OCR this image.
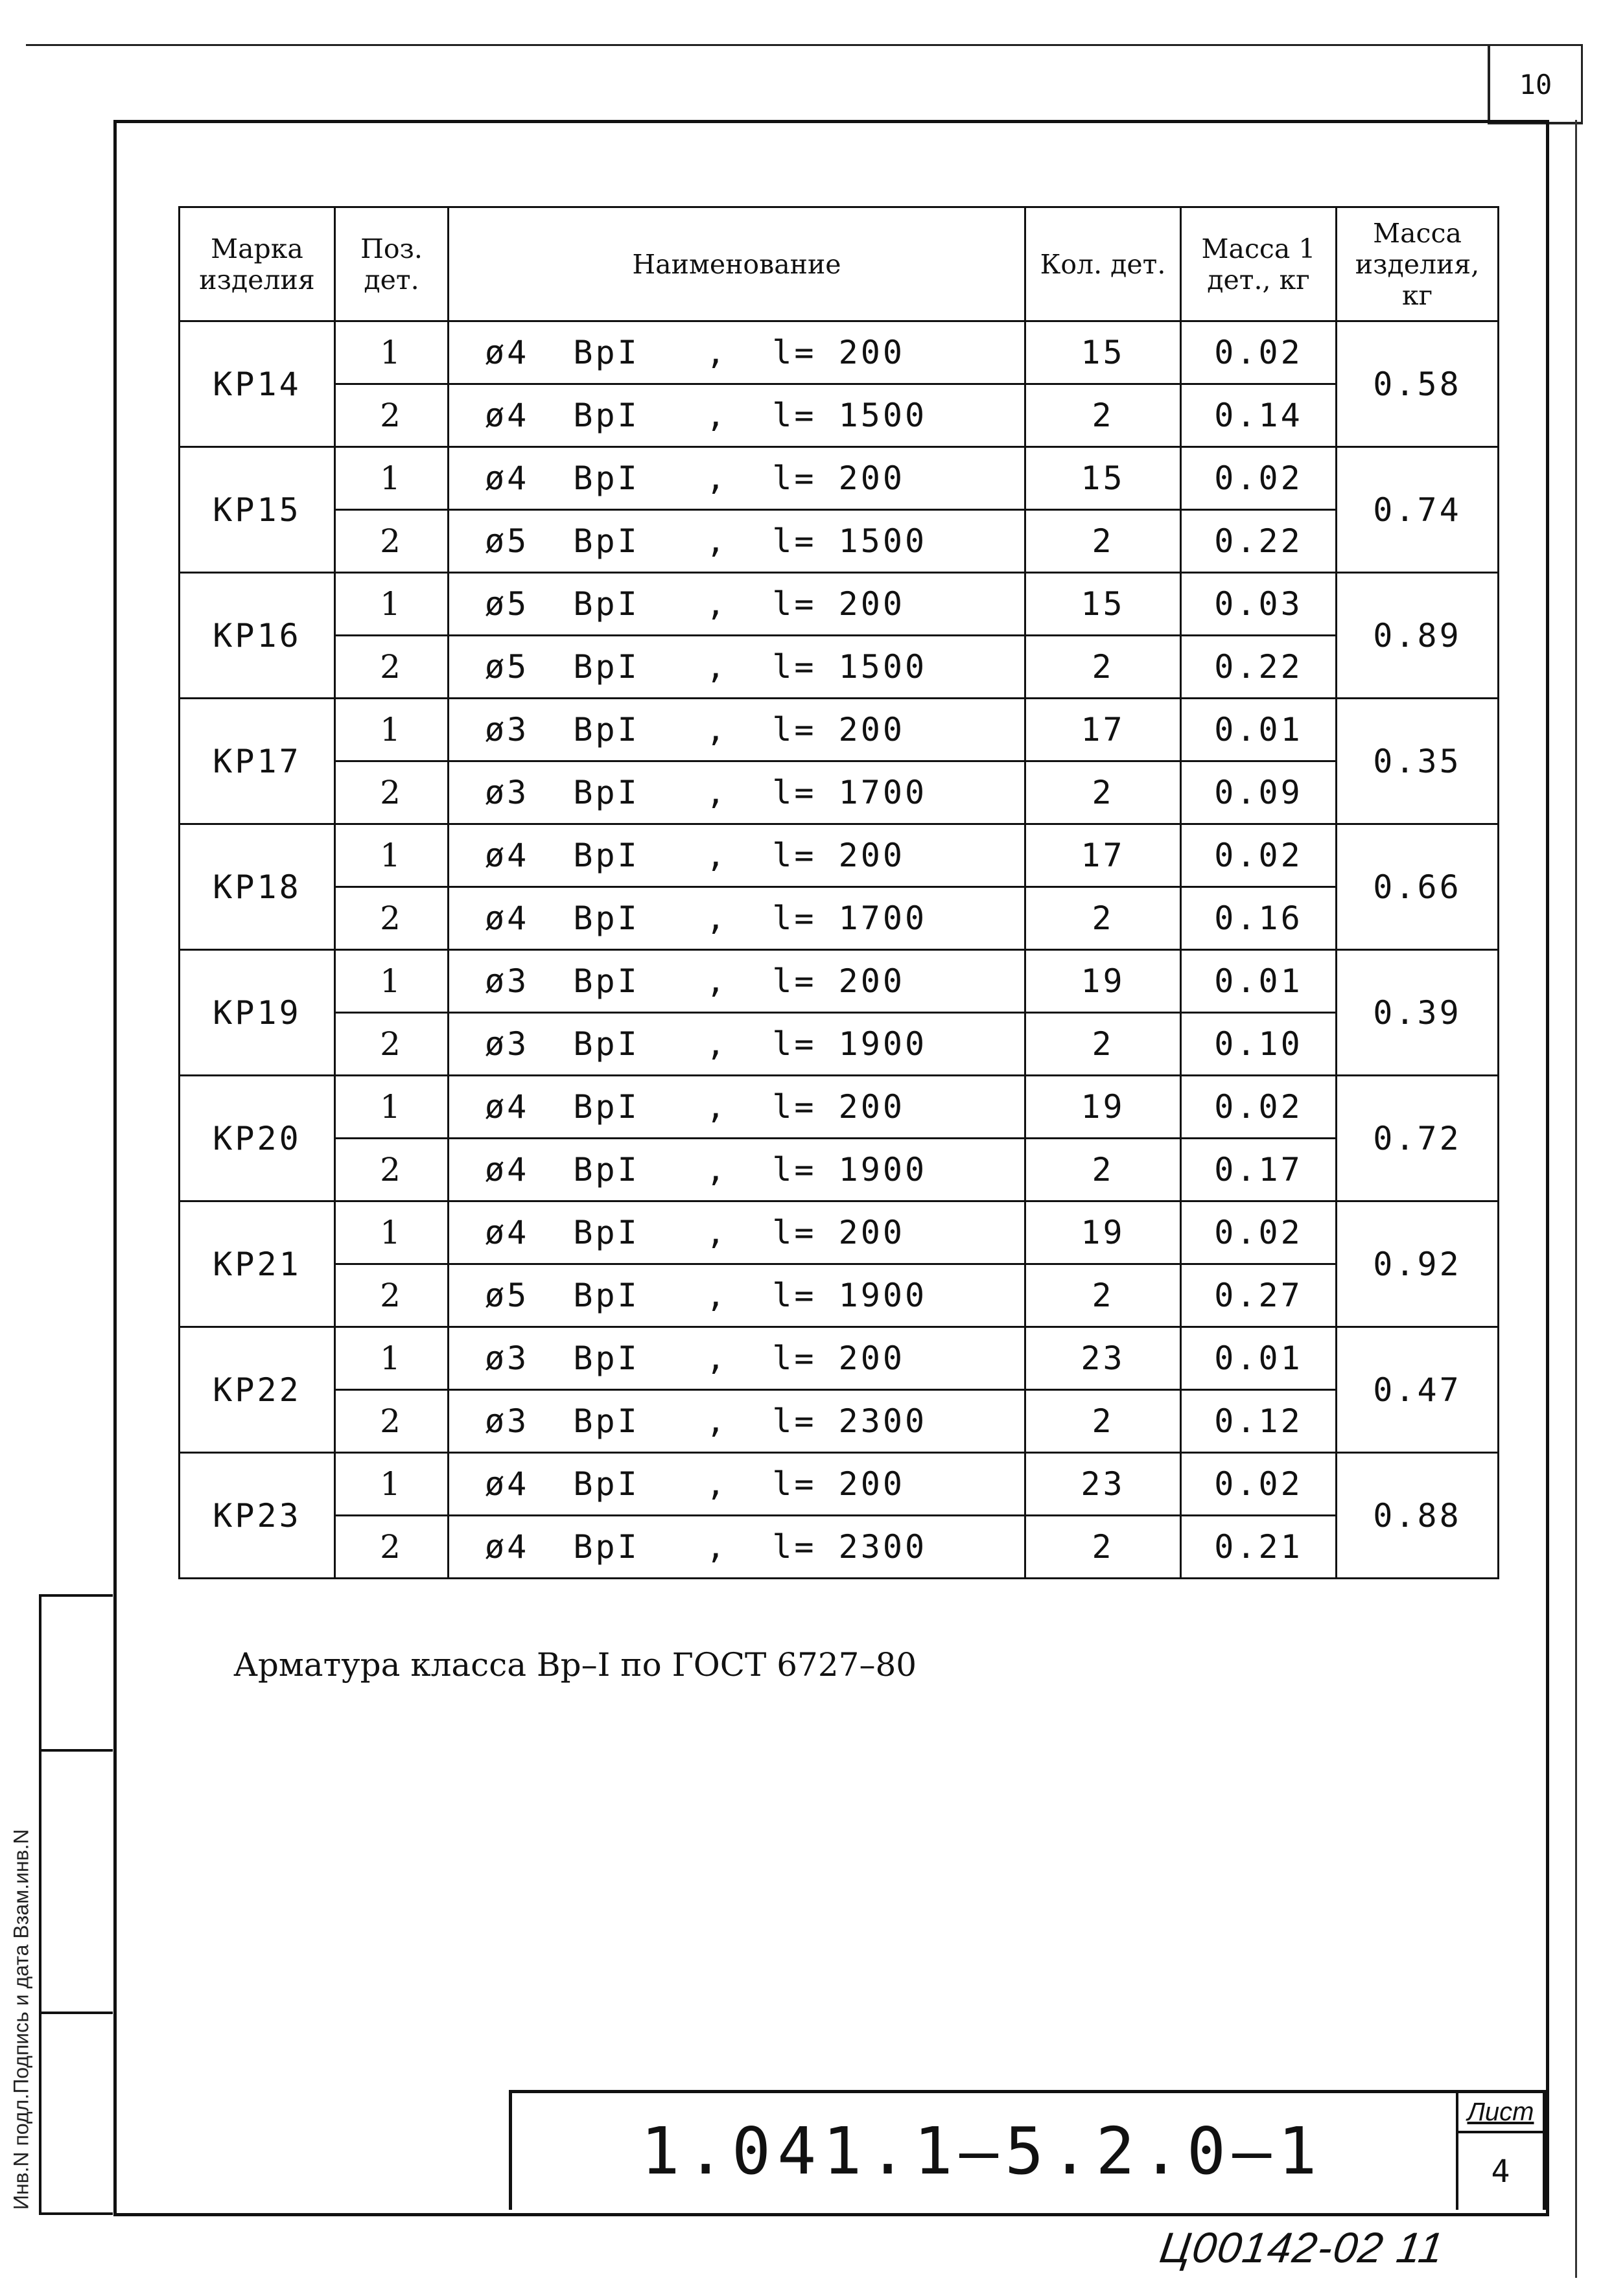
10
Инв.N подл.Подпись и дата Взам.инв.N
Марка изделия	Поз. дет.	Наименование	Кол. дет.	Масса 1 дет., кг	Масса изделия, кг
КР14	1	ø4  ВрI   ,  l= 200	15	0.02	0.58
	2	ø4  ВрI   ,  l= 1500	2	0.14	
КР15	1	ø4  ВрI   ,  l= 200	15	0.02	0.74
	2	ø5  ВрI   ,  l= 1500	2	0.22	
КР16	1	ø5  ВрI   ,  l= 200	15	0.03	0.89
	2	ø5  ВрI   ,  l= 1500	2	0.22	
КР17	1	ø3  ВрI   ,  l= 200	17	0.01	0.35
	2	ø3  ВрI   ,  l= 1700	2	0.09	
КР18	1	ø4  ВрI   ,  l= 200	17	0.02	0.66
	2	ø4  ВрI   ,  l= 1700	2	0.16	
КР19	1	ø3  ВрI   ,  l= 200	19	0.01	0.39
	2	ø3  ВрI   ,  l= 1900	2	0.10	
КР20	1	ø4  ВрI   ,  l= 200	19	0.02	0.72
	2	ø4  ВрI   ,  l= 1900	2	0.17	
КР21	1	ø4  ВрI   ,  l= 200	19	0.02	0.92
	2	ø5  ВрI   ,  l= 1900	2	0.27	
КР22	1	ø3  ВрI   ,  l= 200	23	0.01	0.47
	2	ø3  ВрI   ,  l= 2300	2	0.12	
КР23	1	ø4  ВрI   ,  l= 200	23	0.02	0.88
	2	ø4  ВрI   ,  l= 2300	2	0.21	
Арматура класса Вр–I по ГОСТ 6727–80
1.041.1–5.2.0–1
Лист
4
Ц00142-02 11
